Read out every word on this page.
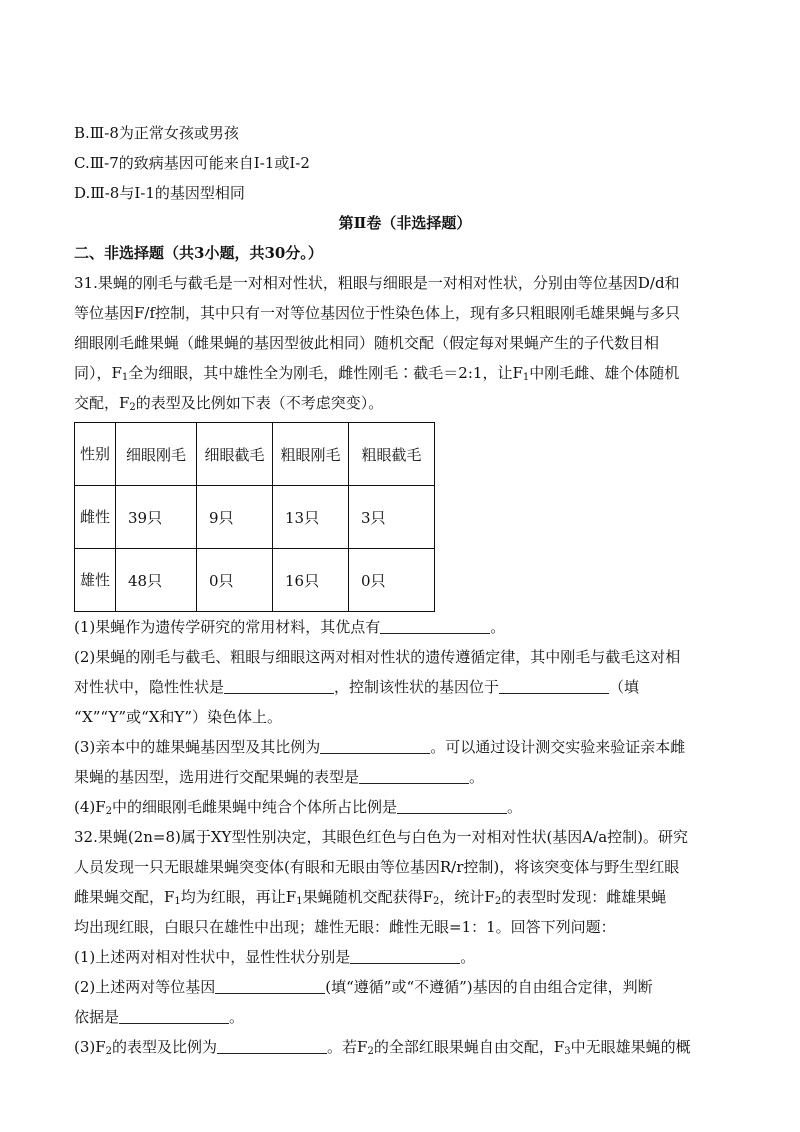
B.Ⅲ-8为正常女孩或男孩
C.Ⅲ-7的致病基因可能来自Ⅰ-1或Ⅰ-2
D.Ⅲ-8与Ⅰ-1的基因型相同
第Ⅱ卷（非选择题）
二、非选择题（共3小题，共30分。）
31.果蝇的刚毛与截毛是一对相对性状，粗眼与细眼是一对相对性状，分别由等位基因D/d和
等位基因F/f控制，其中只有一对等位基因位于性染色体上，现有多只粗眼刚毛雄果蝇与多只
细眼刚毛雌果蝇（雌果蝇的基因型彼此相同）随机交配（假定每对果蝇产生的子代数目相
同），$F_1$全为细眼，其中雄性全为刚毛，雌性刚毛∶截毛＝2:1，让$F_1$中刚毛雌、雄个体随机
交配，$F_2$的表型及比例如下表（不考虑突变）。
性别	细眼刚毛	细眼截毛	粗眼刚毛	粗眼截毛
雌性	39只	9只	13只	3只
雄性	48只	0只	16只	0只
(1)果蝇作为遗传学研究的常用材料，其优点有	。
(2)果蝇的刚毛与截毛、粗眼与细眼这两对相对性状的遗传遵循定律，其中刚毛与截毛这对相
对性状中，隐性性状是	，控制该性状的基因位于	（填
“X”“Y”或“X和Y”）染色体上。
(3)亲本中的雄果蝇基因型及其比例为	。可以通过设计测交实验来验证亲本雌
果蝇的基因型，选用进行交配果蝇的表型是	。
$(4)F_2$中的细眼刚毛雌果蝇中纯合个体所占比例是	。
32.果蝇(2n=8)属于XY型性别决定，其眼色红色与白色为一对相对性状(基因A/a控制)。研究
人员发现一只无眼雄果蝇突变体(有眼和无眼由等位基因R/r控制)，将该突变体与野生型红眼
雌果蝇交配，$F_1$均为红眼，再让$F_1$果蝇随机交配获得$F_2$，统计$F_2$的表型时发现：雌雄果蝇
均出现红眼，白眼只在雄性中出现；雄性无眼：雌性无眼=1：1。回答下列问题：
(1)上述两对相对性状中，显性性状分别是	。
(2)上述两对等位基因	(填“遵循”或“不遵循”)基因的自由组合定律，判断
依据是	。
$(3)F_2$的表型及比例为	。若$F_2$的全部红眼果蝇自由交配，$F_3$中无眼雄果蝇的概
